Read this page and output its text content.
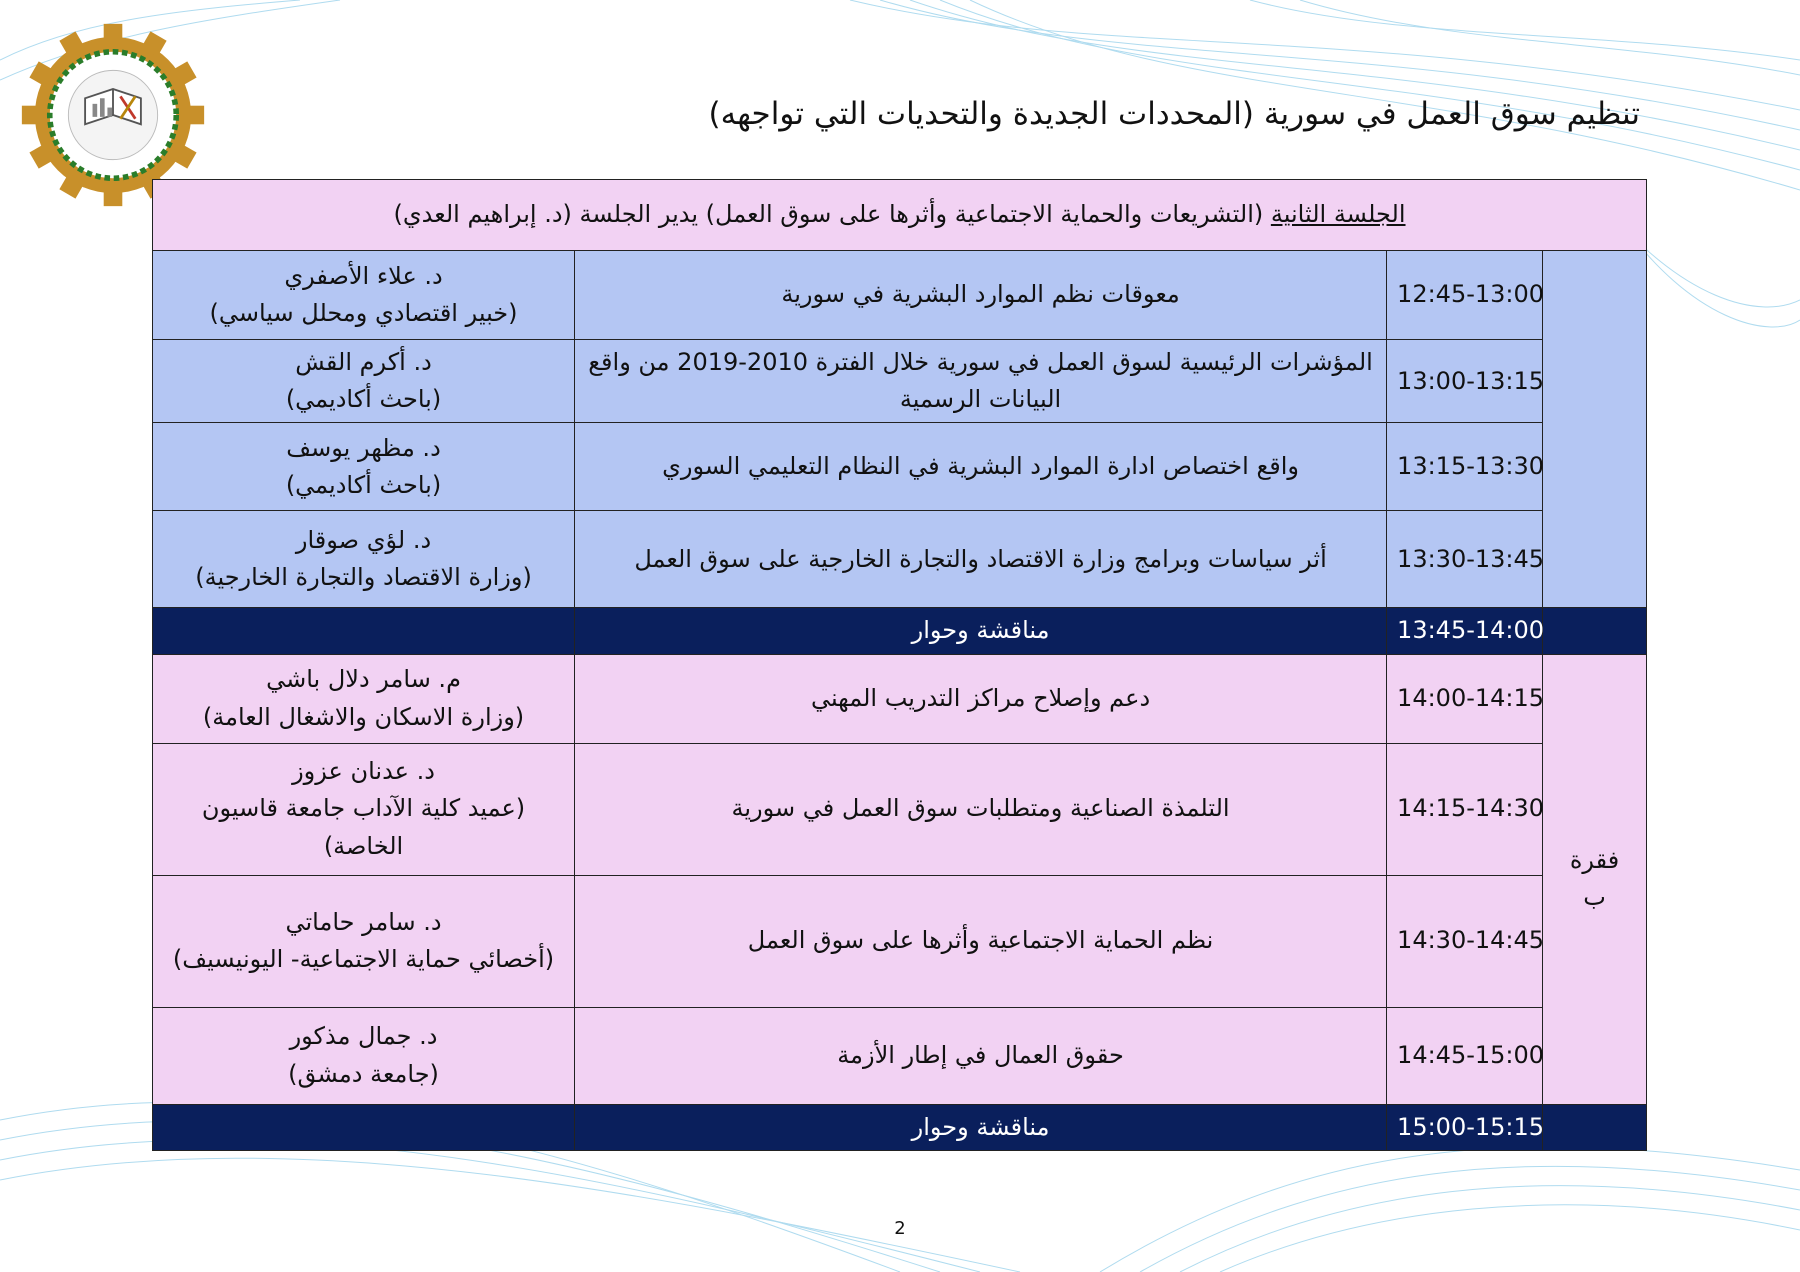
تنظيم سوق العمل في سورية (المحددات الجديدة والتحديات التي تواجهه)
الجلسة الثانية (التشريعات والحماية الاجتماعية وأثرها على سوق العمل) يدير الجلسة (د. إبراهيم العدي)			
	12:45-13:00	معوقات نظم الموارد البشرية في سورية	د. علاء الأصفري
(خبير اقتصادي ومحلل سياسي)

	13:00-13:15	المؤشرات الرئيسية لسوق العمل في سورية خلال الفترة 2010-2019 من واقع البيانات الرسمية	د. أكرم القش
(باحث أكاديمي)

	13:15-13:30	واقع اختصاص ادارة الموارد البشرية في النظام التعليمي السوري	د. مظهر يوسف
(باحث أكاديمي)

	13:30-13:45	أثر سياسات وبرامج وزارة الاقتصاد والتجارة الخارجية على سوق العمل	د. لؤي صوقار
(وزارة الاقتصاد والتجارة الخارجية)

	13:45-14:00	مناقشة وحوار	
فقرة ب	14:00-14:15	دعم وإصلاح مراكز التدريب المهني	م. سامر دلال باشي
(وزارة الاسكان والاشغال العامة)

	14:15-14:30	التلمذة الصناعية ومتطلبات سوق العمل في سورية	د. عدنان عزوز
(عميد كلية الآداب جامعة قاسيون الخاصة)

	14:30-14:45	نظم الحماية الاجتماعية وأثرها على سوق العمل	د. سامر حاماتي
(أخصائي حماية الاجتماعية- اليونيسيف)

	14:45-15:00	حقوق العمال في إطار الأزمة	د. جمال مذكور
(جامعة دمشق)

	15:00-15:15	مناقشة وحوار	
2
